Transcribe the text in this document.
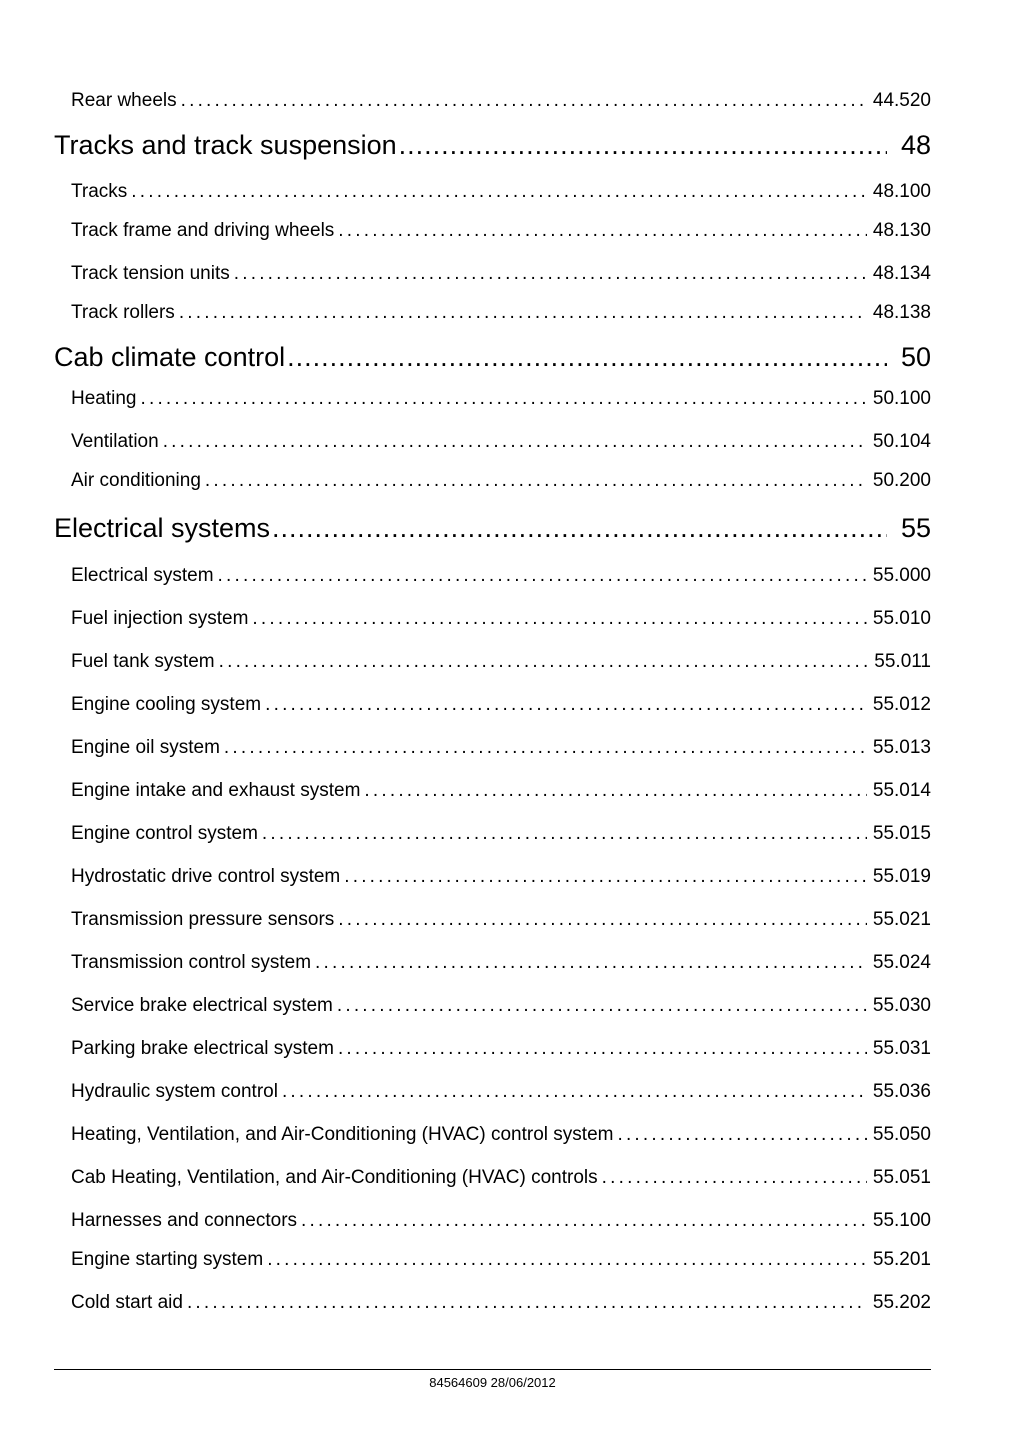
Rear wheels .....	44.520
Tracks and track suspension .....	48
Tracks .....	48.100
Track frame and driving wheels .....	48.130
Track tension units .....	48.134
Track rollers .....	48.138
Cab climate control .....	50
Heating .....	50.100
Ventilation .....	50.104
Air conditioning .....	50.200
Electrical systems .....	55
Electrical system .....	55.000
Fuel injection system .....	55.010
Fuel tank system .....	55.011
Engine cooling system .....	55.012
Engine oil system .....	55.013
Engine intake and exhaust system .....	55.014
Engine control system .....	55.015
Hydrostatic drive control system .....	55.019
Transmission pressure sensors .....	55.021
Transmission control system .....	55.024
Service brake electrical system .....	55.030
Parking brake electrical system .....	55.031
Hydraulic system control .....	55.036
Heating, Ventilation, and Air-Conditioning (HVAC) control system .....	55.050
Cab Heating, Ventilation, and Air-Conditioning (HVAC) controls .....	55.051
Harnesses and connectors .....	55.100
Engine starting system .....	55.201
Cold start aid .....	55.202
84564609 28/06/2012
